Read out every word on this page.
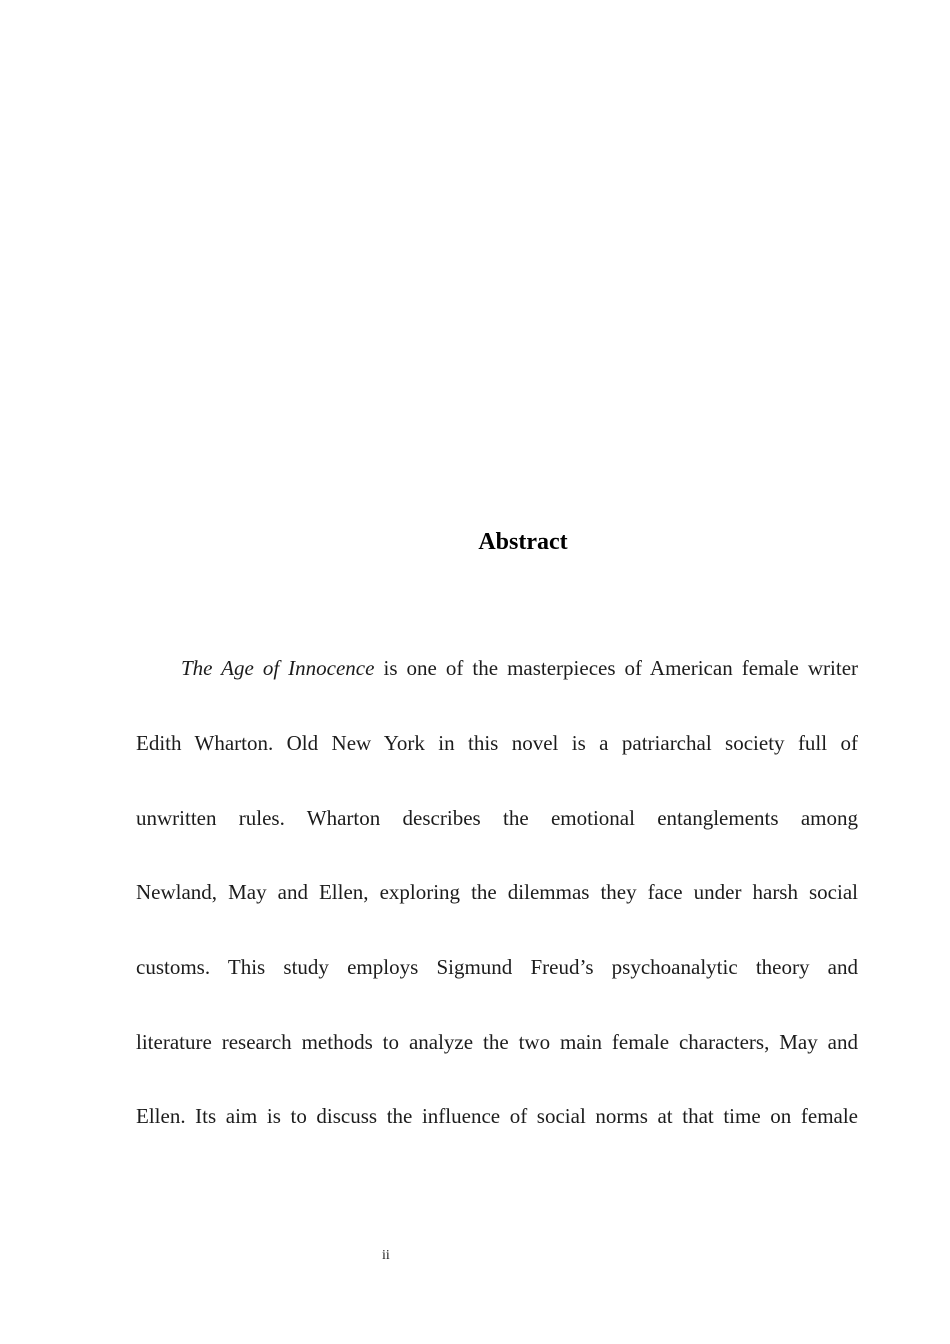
Abstract
The Age of Innocence is one of the masterpieces of American female writer
Edith Wharton. Old New York in this novel is a patriarchal society full of
unwritten rules. Wharton describes the emotional entanglements among
Newland, May and Ellen, exploring the dilemmas they face under harsh social
customs. This study employs Sigmund Freud’s psychoanalytic theory and
literature research methods to analyze the two main female characters, May and
Ellen. Its aim is to discuss the influence of social norms at that time on female
ii
